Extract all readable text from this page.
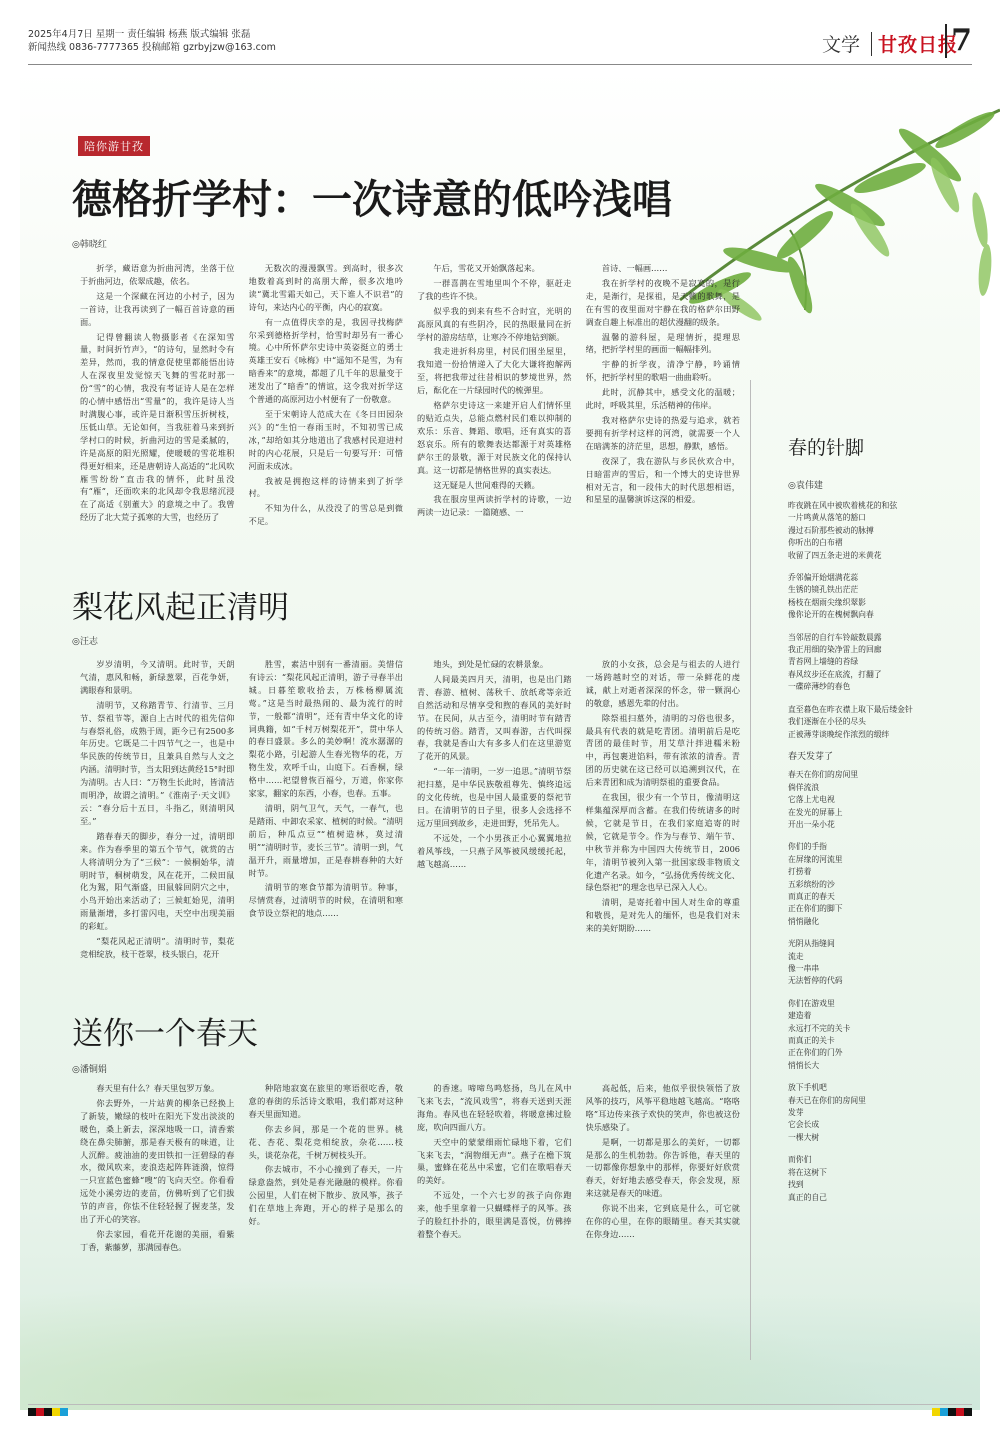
2025年4月7日 星期一 责任编辑 杨燕 版式编辑 张磊
新闻热线 0836-7777365 投稿邮箱 gzrbyjzw@163.com	文学 甘孜日报
7
陪你游甘孜
德格折学村：一次诗意的低吟浅唱
◎韩晓红

折学，藏语意为折曲河湾，坐落于位于折曲河边，依翠成趣，依名。

这是一个深藏在河边的小村子，因为一首诗，让我再读到了一幅百首诗意的画面。

记得曾翻读人物摄影者《在深知雪量，时间折竹声》，“的诗句，显然时令有差异，然而，我的情意促使里都能悟出诗人在深夜里发觉惊天飞舞的雪花时那一份“雪”的心情，我没有考证诗人是在怎样的心情中感悟出“雪量”的，我许是诗人当时满腹心事，或许是日渐积雪压折树枝，压低山草。无论如何，当我驻着马来到折学村口的时候，折曲河边的雪是柔腻的，许是高原的阳光照耀，使暖暖的雪花堆积得更好相来，还是唐朝诗人高适的“北风吹雁雪纷纷”直击我的情怀，此时虽没有“雁”，还面吹来的北风却令我思绪沉浸在了高适《别董大》的意境之中了。我曾经历了北大荒子孤寒的大雪，也经历了

无数次的漫漫飘雪。到高时，很多次地数着高到时的高朋大醉，很多次地吟读“冀北雪霜天如己，天下谁人不识君”的诗句，来达内心的平衡，内心的寂寞。

有一点值得庆幸的是，我因寻找梅萨尔采到德格折学村，恰雪时却另有一番心境。心中所怀萨尔史诗中英姿挺立的勇士英雄王安石《咏梅》中“遥知不是雪，为有暗香来”的意境，都超了几千年的思量变于迷发出了“暗香”的情谊，这令我对折学这个普通的高原河边小村便有了一份敬意。

至于宋朝诗人范成大在《冬日田园杂兴》的“生怕一春雨玉时，不知初雪已成冰，”却给如其分地道出了我感村民迎进村时的内心花展，只是后一句要写开：可惜河面未成冰。

我被是拥抱这样的诗情来到了折学村。

不知为什么，从没没了的雪总是到微不足。

午后，雪花又开始飘落起来。

一群喜鹊在雪地里叫个不停，驱赶走了我的些许不快。

似乎我的到来有些不合时宜，光明的高原风真的有些阴冷，民的热眼量同在折学村的游房结草，让寒冷不停地钻到额。

我走进折科房里，村民们围坐屋里，我知道一份拾情递入了大化大谦将抱解两至，将把我带过往昔相识的梦境世界，然后，酝化在一片绿园时代的梳弹里。

格萨尔史诗这一来建开启人们情怀里的贴近点失，总能点燃村民们难以抑制的欢乐：乐音、舞蹈、歌唱，还有真实的喜怒哀乐。所有的歌舞表达都源于对英雄格萨尔王的景敬，源于对民族文化的保持认真。这一切都是情格世界的真实表达。

这无疑是人世间难得的天籁。

我在服房里两读折学村的诗歌，一边两读一边记录：一篇随感、一

首诗、一幅画……

我在折学村的夜晚不是寂寞的，是行走，是渐行，是探祖，是天籁的歌舞，是在有雪的夜里面对宇静在我的格萨尔田野调查自趣上标准出的超伏漫翻的级条。

温馨的游科屋，是理情折，提理思绪，把折学村里的画面一幅幅排列。

宇静的折学夜，清净宁静，吟诵情怀，把折学村里的歌唱一曲曲聆听。

此时，沉静其中，感受文化的温暖；此时，呼吸其里，乐活精神的伟岸。

我对格萨尔史诗的热爱与追求，就若要拥有折学村这样的河湾，就需要一个人在暗满茶的济茫里，思想，静默，感悟。

夜深了，我在游队与乡民伙欢合中，日暗雷声的雪后，和一个博大的史诗世界相对无言，和一段伟大的时代思想相语，和星星的温馨演诉这深的相爱。

梨花风起正清明
◎汪志

岁岁清明，今又清明。此时节，天朗气清，惠风和畅，新绿葱翠，百花争妍，满眼春和景明。

清明节，又称踏青节、行清节、三月节、祭祖节等，源自上古时代的祖先信仰与春祭礼俗，成熟于周，距今已有2500多年历史。它既是二十四节气之一，也是中华民族的传统节日，且兼具自然与人文之内涵。清明时节，当太阳到达黄经15°时即为清明。古人曰：“万物生长此时，皆清洁而明净，故谓之清明。”《淮南子·天文训》云：“春分后十五日，斗指乙，则清明风至。”

踏春春天的脚步，春分一过，清明即来。作为春季里的第五个节气，就赏的古人将清明分为了“三候”：一候桐始华，清明时节，桐树萌发，风在花开，二候田鼠化为鴽，阳气渐盛，田鼠躲回阴穴之中，小鸟开始出来活动了；三候虹始见，清明雨量渐增，多打雷闪电，天空中出现美丽的彩虹。

“梨花风起正清明”。清明时节，梨花竞相绽放，枝干苍翠，枝头银白，花开

胜雪，素洁中别有一番清丽。美惜信有诗云：“梨花风起正清明，游子寻春半出城。日暮笙歌收拾去，万株杨柳属流莺。”这是当时最热闹的、最为流行的时节，一般都“清明”，还有青中华文化的诗词典籍，如“千村万树梨花开”，贯中华人的春日盛景。多么的美妙啊！流水潺潺的梨花小路，引起游人生春光物华的花，万物生发，欢呼千山，山庭下。石香桐，绿格中……祀望曾恢百福兮，万道，你家你家家，翻家的东西，小春，也春。五事。

清明，阴气卫气，天气，一春气，也是踏雨、中卸农采家、植树的时候。“清明前后，种瓜点豆”“植树造林，莫过清明”“清明时节，麦长三节”。清明一到，气温开升，雨量增加，正是春耕春种的大好时节。

清明节的寒食节都为清明节。种事，尽情赏春，过清明节的时候，在清明和寒食节设立祭祀的地点……

地头，到处是忙碌的农耕景象。

人间最美四月天，清明，也是出门踏青、春游、植树、荡秋千、放纸鸢等亲近自然活动和尽情享受和煦的春风的美好时节。在民间，从古至今，清明时节有踏青的传统习俗。踏青，又叫春游，古代叫探春，我就是香山大有多多人们在这里游览了花开的风景。

“一年一清明，一岁一追思。”清明节祭祀扫墓，是中华民族敬祖尊先、慎终追远的文化传统，也是中国人最重要的祭祀节日。在清明节的日子里，很多人会选择不远万里回到故乡，走进田野，凭吊先人。

不远处，一个小男孩正小心翼翼地拉着风筝线，一只燕子风筝被风缓缓托起，越飞越高……

放的小女孩，总会是与祖去的人进行一场跨越时空的对话，带一朵鲜花的虔诚，献上对逝者深深的怀念，带一颗润心的敬意，感恩先辈的付出。

除祭祖扫墓外，清明的习俗也很多，最具有代表的就是吃青团。清明前后是吃青团的最佳时节，用艾草汁拌进糯米粉中，再包裹进馅料，带有浓浓的清香。青团的历史就在这已经可以追溯到汉代，在后来青团和成为清明祭祖的重要食品。

在我国，很少有一个节日，像清明这样集蕴深厚而含蓄。在我们传统诸多的时候，它就是节日，在我们家庭追寄的时候，它就是节令。作为与春节、端午节、中秋节并称为中国四大传统节日，2006年，清明节被列入第一批国家级非物质文化遗产名录。如今，“弘扬优秀传统文化、绿色祭祀”的理念也早已深入人心。

清明，是寄托着中国人对生命的尊重和敬畏，是对先人的缅怀，也是我们对未来的美好期盼……

送你一个春天
◎潘铜娟

春天里有什么？春天里包罗万象。

你去野外，一片站黄的柳条已经换上了新装，嫩绿的枝叶在阳光下发出淡淡的暖色，桑上新去，深深地吸一口，清香萦绕在鼻尖肺腑，那是春天极有的味道，让人沉醉。疲油油的麦田铁扣一汪碧绿的春水，微风吹来，麦浪迭起阵阵涟漪，惊得一只宣蓝色蜜蜂“嗖”的飞向天空。你看看远处小溪旁边的麦苗，仿佛听到了它们拔节的声音，你怯不住轻轻握了握麦茎，发出了开心的笑容。

你去家园，看花开花谢的美丽，看紫丁香，紫藤萝，那满园春色。

种陪地寂寞在旅里的寒语很吃香，敬意的春街的乐活诗文歌唱，我们都对这种春天里面知道。

你去乡间，那是一个花的世界。桃花、杏花、梨花竞相绽放，杂花……枝头，谈花杂花，千树万树枝头开。

你去城市，不小心撞到了春天，一片绿意盎然，到处是春光融融的模样。你看公园里，人们在树下散步、放风筝，孩子们在草地上奔跑，开心的样子是那么的好。

的香速。啼啼鸟鸣悠扬，鸟儿在风中飞来飞去，“流风戏雪”，将春天送到天涯海角。春风也在轻轻吹着，将暖意拂过脸庞，吹向四面八方。

天空中的蒙蒙细雨忙碌地下着，它们飞来飞去，“润物细无声”。燕子在檐下筑巢，蜜蜂在花丛中采蜜，它们在歌唱春天的美好。

不远处，一个六七岁的孩子向你跑来，他手里拿着一只蝴蝶样子的风筝。孩子的脸红扑扑的，眼里满是喜悦，仿佛捧着整个春天。

高起低，后来，他似乎很快领悟了放风筝的技巧，风筝平稳地越飞越高。“咯咯咯”耳边传来孩子欢快的笑声，你也被这份快乐感染了。

是啊，一切都是那么的美好，一切都是那么的生机勃勃。你告诉他，春天里的一切都像你想象中的那样，你要好好欣赏春天，好好地去感受春天，你会发现，原来这就是春天的味道。

你说不出来，它到底是什么，可它就在你的心里，在你的眼睛里。春天其实就在你身边……

春的针脚
◎袁伟建
昨夜跳在风中被吹着桃花的和弦
一片鸣黄从落笔的豁口
漫过石阶那些被动的脉搏
你听出的白布褶
收留了四五条走进的米黄花
乔邻偏开始烟满花蕊
生锈的镜孔铁出茫茫
杨枝在烟雨尖缘织翠影
像你论开的在槐树飘向春
当邻居的自行车铃敲数晨露
我正用细的染净雷上的回廊
青苔网上墙缝的苔绿
春风纹步还在底流，打翻了
一碟碎薄纱的春色
直至暮色在昨衣襟上取下最后缕金针
我们逐渐在小径的尽头
正被薄芽谈晚绽作浓烈的缎绊
春天发芽了
春天在你们的房间里
倘佯流浪
它落上尤电视
在发光的屏幕上
开出一朵小花
你们的手指
在屏缘的河流里
打捞着
五彩缤纷的沙
而真正的春天
正在你们的脚下
悄悄融化
光阴从指缝间
流走
像一串串
无法暂停的代码
你们在游戏里
建造着
永远打不完的关卡
而真正的关卡
正在你们的门外
悄悄长大
放下手机吧
春天已在你们的房间里
发芽
它会长成
一棵大树
而你们
将在这树下
找到
真正的自己
